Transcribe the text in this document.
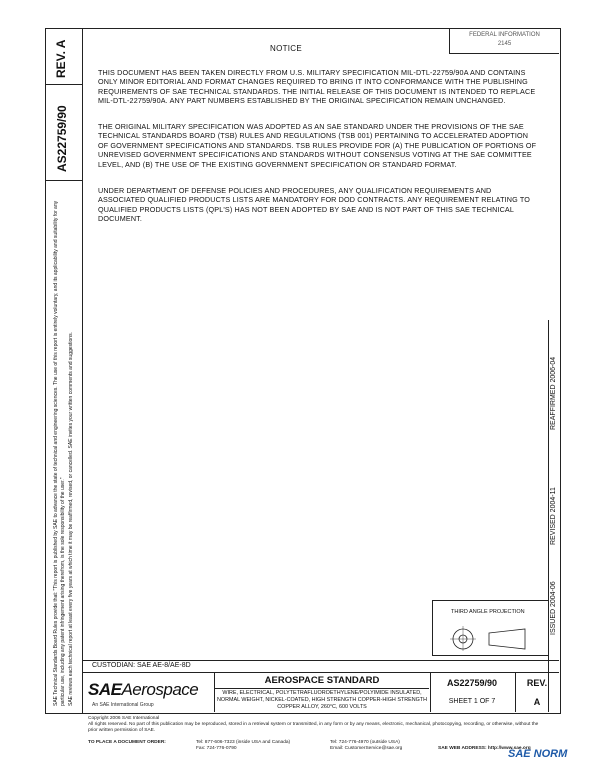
REV. A
AS22759/90
SAE Technical Standards Board Rules provide that: "This report is published by SAE to advance the state of technical and engineering sciences. The use of this report is entirely voluntary, and its applicability and suitability for any particular use, including any patent infringement arising therefrom, is the sole responsibility of the user." SAE reviews each technical report at least every five years at which time it may be reaffirmed, revised, or cancelled. SAE invites your written comments and suggestions.
FEDERAL INFORMATION
2145
NOTICE
THIS DOCUMENT HAS BEEN TAKEN DIRECTLY FROM U.S. MILITARY SPECIFICATION MIL-DTL-22759/90A AND CONTAINS ONLY MINOR EDITORIAL AND FORMAT CHANGES REQUIRED TO BRING IT INTO CONFORMANCE WITH THE PUBLISHING REQUIREMENTS OF SAE TECHNICAL STANDARDS. THE INITIAL RELEASE OF THIS DOCUMENT IS INTENDED TO REPLACE MIL-DTL-22759/90A. ANY PART NUMBERS ESTABLISHED BY THE ORIGINAL SPECIFICATION REMAIN UNCHANGED.
THE ORIGINAL MILITARY SPECIFICATION WAS ADOPTED AS AN SAE STANDARD UNDER THE PROVISIONS OF THE SAE TECHNICAL STANDARDS BOARD (TSB) RULES AND REGULATIONS (TSB 001) PERTAINING TO ACCELERATED ADOPTION OF GOVERNMENT SPECIFICATIONS AND STANDARDS. TSB RULES PROVIDE FOR (A) THE PUBLICATION OF PORTIONS OF UNREVISED GOVERNMENT SPECIFICATIONS AND STANDARDS WITHOUT CONSENSUS VOTING AT THE SAE COMMITTEE LEVEL, AND (B) THE USE OF THE EXISTING GOVERNMENT SPECIFICATION OR STANDARD FORMAT.
UNDER DEPARTMENT OF DEFENSE POLICIES AND PROCEDURES, ANY QUALIFICATION REQUIREMENTS AND ASSOCIATED QUALIFIED PRODUCTS LISTS ARE MANDATORY FOR DOD CONTRACTS. ANY REQUIREMENT RELATING TO QUALIFIED PRODUCTS LISTS (QPL'S) HAS NOT BEEN ADOPTED BY SAE AND IS NOT PART OF THIS SAE TECHNICAL DOCUMENT.
ISSUED 2004-06
REVISED 2004-11
REAFFIRMED 2006-04
THIRD ANGLE PROJECTION
CUSTODIAN: SAE AE-8/AE-8D
SAEAerospace
An SAE International Group
AEROSPACE STANDARD
WIRE, ELECTRICAL, POLYTETRAFLUOROETHYLENE/POLYIMIDE INSULATED, NORMAL WEIGHT, NICKEL-COATED, HIGH STRENGTH COPPER-HIGH STRENGTH COPPER ALLOY, 260°C, 600 VOLTS
AS22759/90
SHEET 1 OF 7
REV.
A
Copyright 2006 SAE International
All rights reserved. No part of this publication may be reproduced, stored in a retrieval system or transmitted, in any form or by any means, electronic, mechanical, photocopying, recording, or otherwise, without the prior written permission of SAE.
TO PLACE A DOCUMENT ORDER:	Tel: 877-606-7323 (inside USA and Canada)	Tel: 724-776-4970 (outside USA)
Fax: 724-776-0790	Email: CustomerService@sae.org	SAE WEB ADDRESS: http://www.sae.org
SAE NORM
